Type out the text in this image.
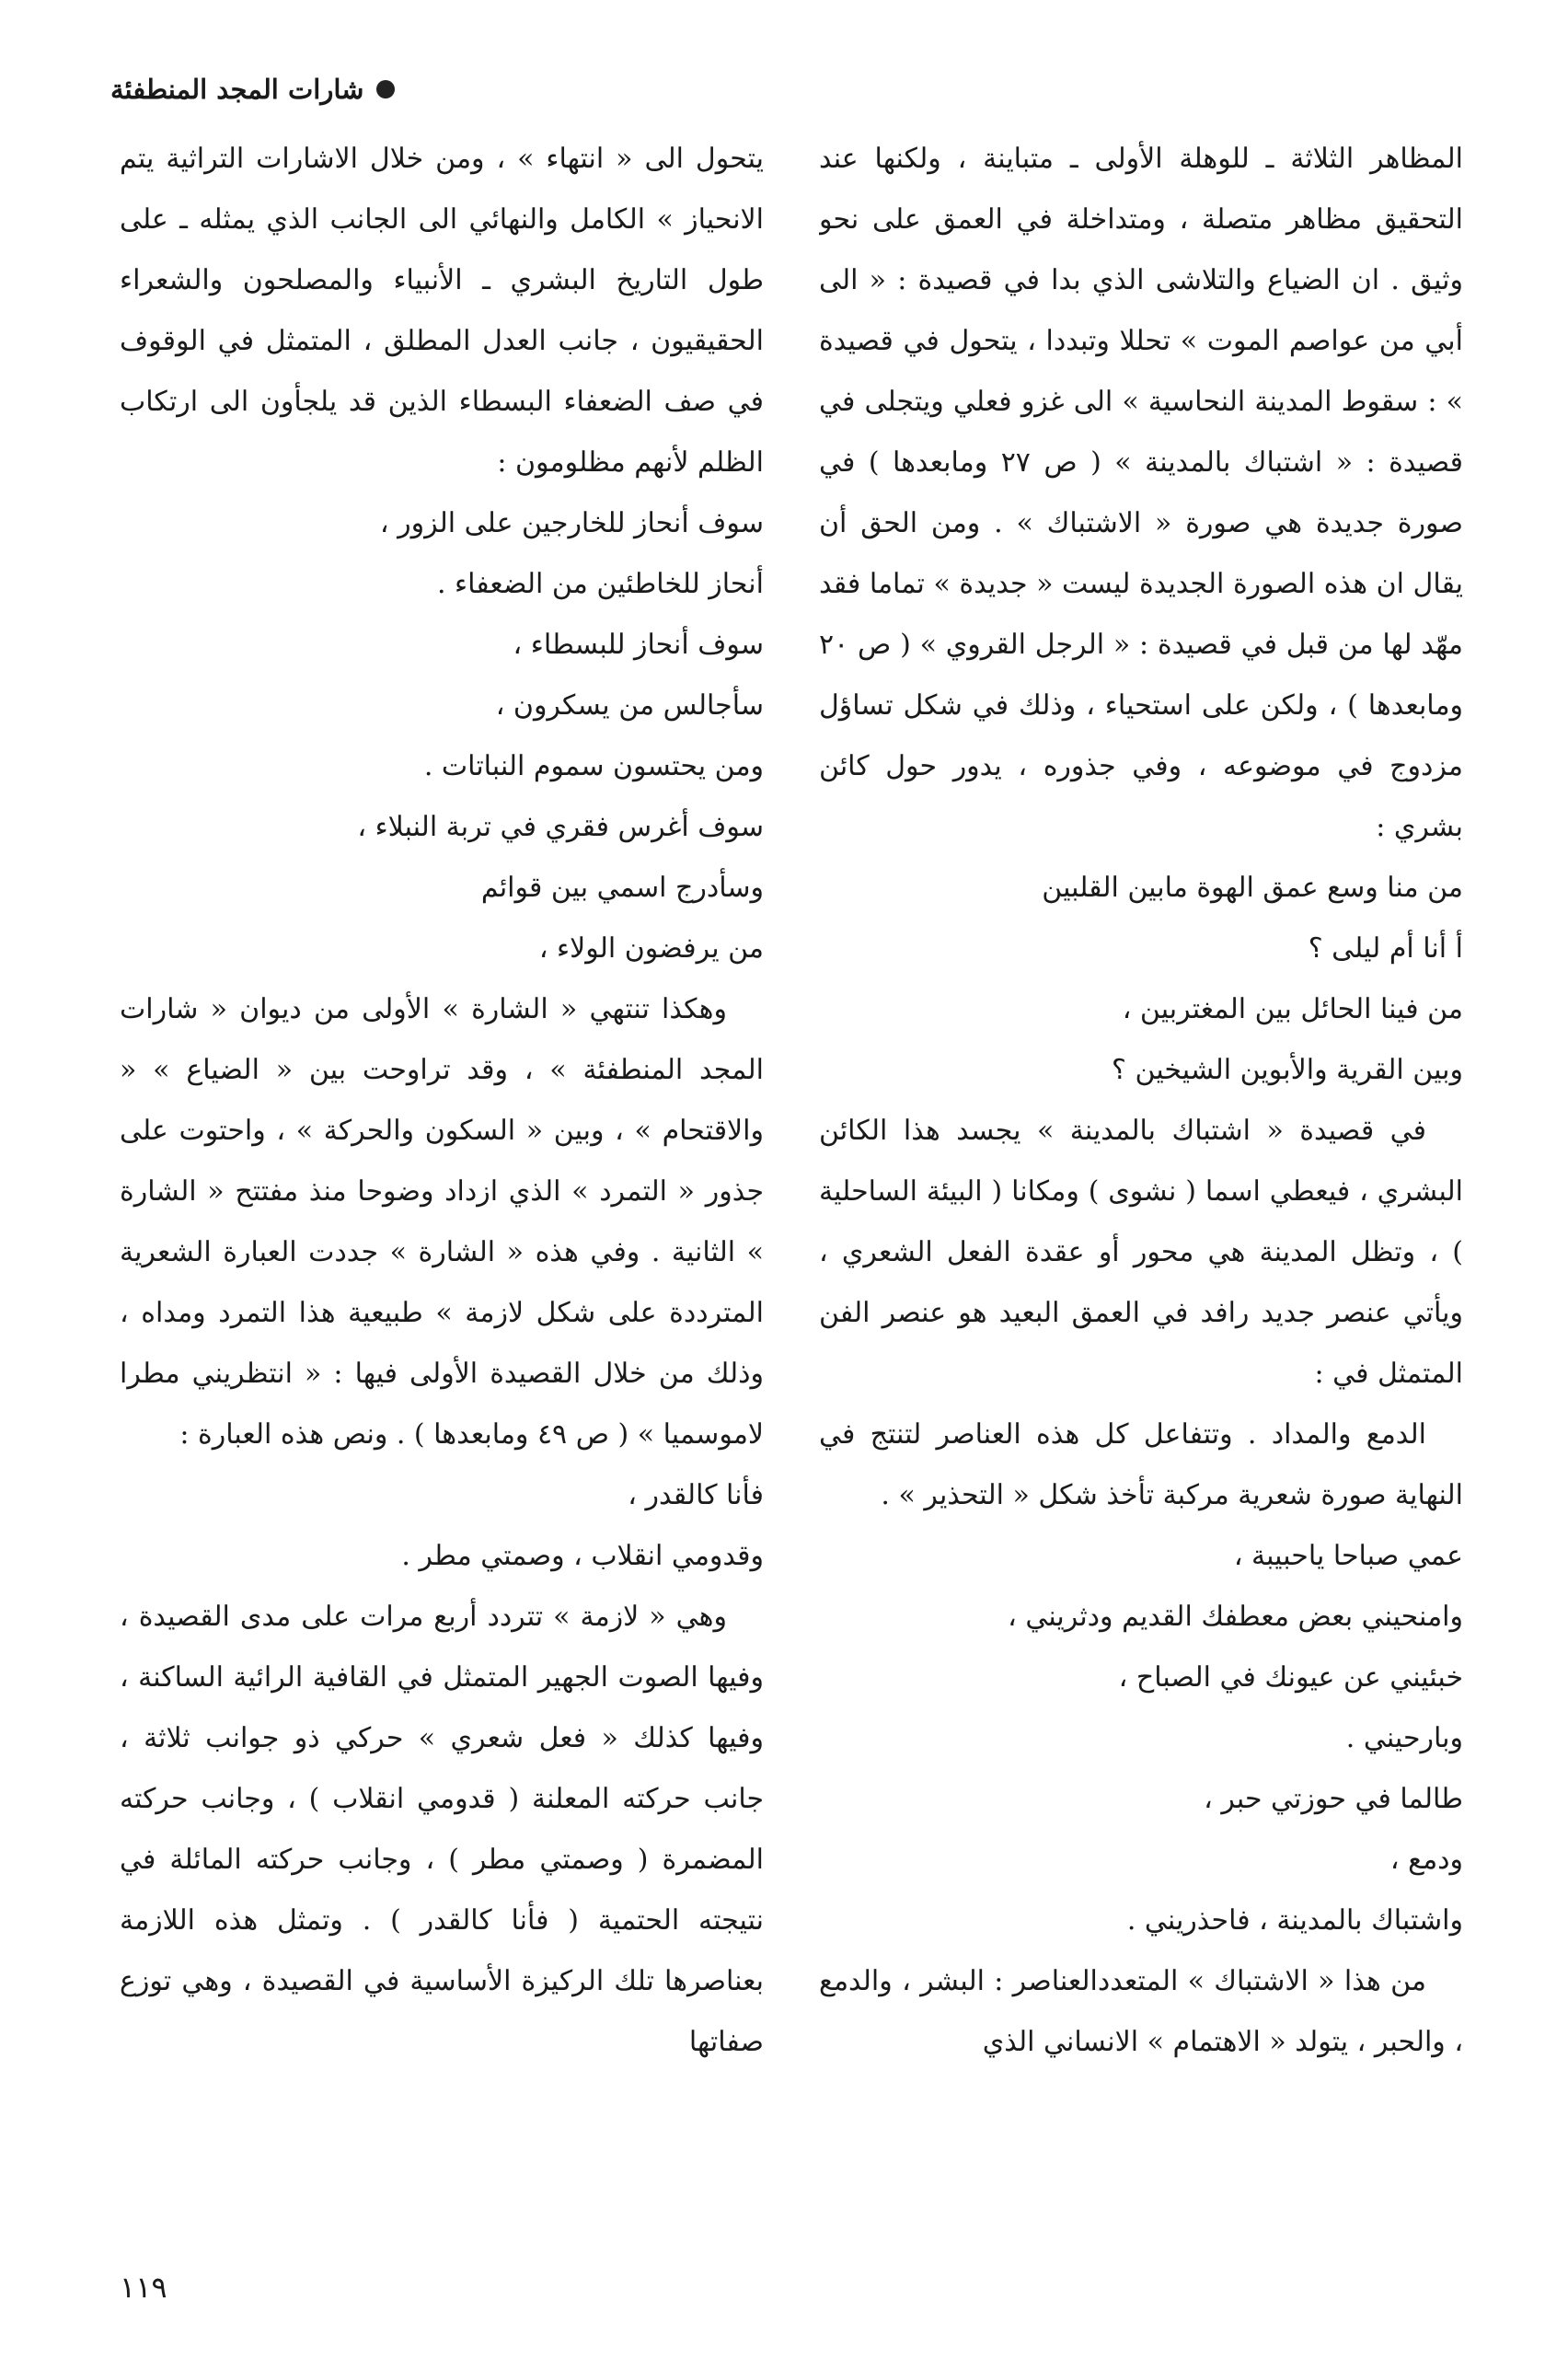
شارات المجد المنطفئة

المظاهر الثلاثة ـ للوهلة الأولى ـ متباينة ، ولكنها عند التحقيق مظاهر متصلة ، ومتداخلة في العمق على نحو وثيق . ان الضياع والتلاشى الذي بدا في قصيدة : « الى أبي من عواصم الموت » تحللا وتبددا ، يتحول في قصيدة » : سقوط المدينة النحاسية » الى غزو فعلي ويتجلى في قصيدة : « اشتباك بالمدينة » ( ص ٢٧ ومابعدها ) في صورة جديدة هي صورة « الاشتباك » . ومن الحق أن يقال ان هذه الصورة الجديدة ليست « جديدة » تماما فقد مهّد لها من قبل في قصيدة : « الرجل القروي » ( ص ٢٠ ومابعدها ) ، ولكن على استحياء ، وذلك في شكل تساؤل مزدوج في موضوعه ، وفي جذوره ، يدور حول كائن بشري :

من منا وسع عمق الهوة مابين القلبين

أ أنا أم ليلى ؟

من فينا الحائل بين المغتربين ،

وبين القرية والأبوين الشيخين ؟

في قصيدة « اشتباك بالمدينة » يجسد هذا الكائن البشري ، فيعطي اسما ( نشوى ) ومكانا ( البيئة الساحلية ) ، وتظل المدينة هي محور أو عقدة الفعل الشعري ، ويأتي عنصر جديد رافد في العمق البعيد هو عنصر الفن المتمثل في :

الدمع والمداد . وتتفاعل كل هذه العناصر لتنتج في النهاية صورة شعرية مركبة تأخذ شكل « التحذير » .

عمي صباحا ياحبيبة ،

وامنحيني بعض معطفك القديم ودثريني ،

خبئيني عن عيونك في الصباح ،

وبارحيني .

طالما في حوزتي حبر ،

ودمع ،

واشتباك بالمدينة ، فاحذريني .

من هذا « الاشتباك » المتعددالعناصر : البشر ، والدمع ، والحبر ، يتولد « الاهتمام » الانساني الذي

يتحول الى « انتهاء » ، ومن خلال الاشارات التراثية يتم الانحياز » الكامل والنهائي الى الجانب الذي يمثله ـ على طول التاريخ البشري ـ الأنبياء والمصلحون والشعراء الحقيقيون ، جانب العدل المطلق ، المتمثل في الوقوف في صف الضعفاء البسطاء الذين قد يلجأون الى ارتكاب الظلم لأنهم مظلومون :

سوف أنحاز للخارجين على الزور ،

أنحاز للخاطئين من الضعفاء .

سوف أنحاز للبسطاء ،

سأجالس من يسكرون ،

ومن يحتسون سموم النباتات .

سوف أغرس فقري في تربة النبلاء ،

وسأدرج اسمي بين قوائم

من يرفضون الولاء ،

وهكذا تنتهي « الشارة » الأولى من ديوان « شارات المجد المنطفئة » ، وقد تراوحت بين « الضياع » « والاقتحام » ، وبين « السكون والحركة » ، واحتوت على جذور « التمرد » الذي ازداد وضوحا منذ مفتتح « الشارة » الثانية . وفي هذه « الشارة » جددت العبارة الشعرية المترددة على شكل لازمة » طبيعية هذا التمرد ومداه ، وذلك من خلال القصيدة الأولى فيها : « انتظريني مطرا لاموسميا » ( ص ٤٩ ومابعدها ) . ونص هذه العبارة :

فأنا كالقدر ،

وقدومي انقلاب ، وصمتي مطر .

وهي « لازمة » تتردد أربع مرات على مدى القصيدة ، وفيها الصوت الجهير المتمثل في القافية الرائية الساكنة ، وفيها كذلك « فعل شعري » حركي ذو جوانب ثلاثة ، جانب حركته المعلنة ( قدومي انقلاب ) ، وجانب حركته المضمرة ( وصمتي مطر ) ، وجانب حركته المائلة في نتيجته الحتمية ( فأنا كالقدر ) . وتمثل هذه اللازمة بعناصرها تلك الركيزة الأساسية في القصيدة ، وهي توزع صفاتها

١١٩
